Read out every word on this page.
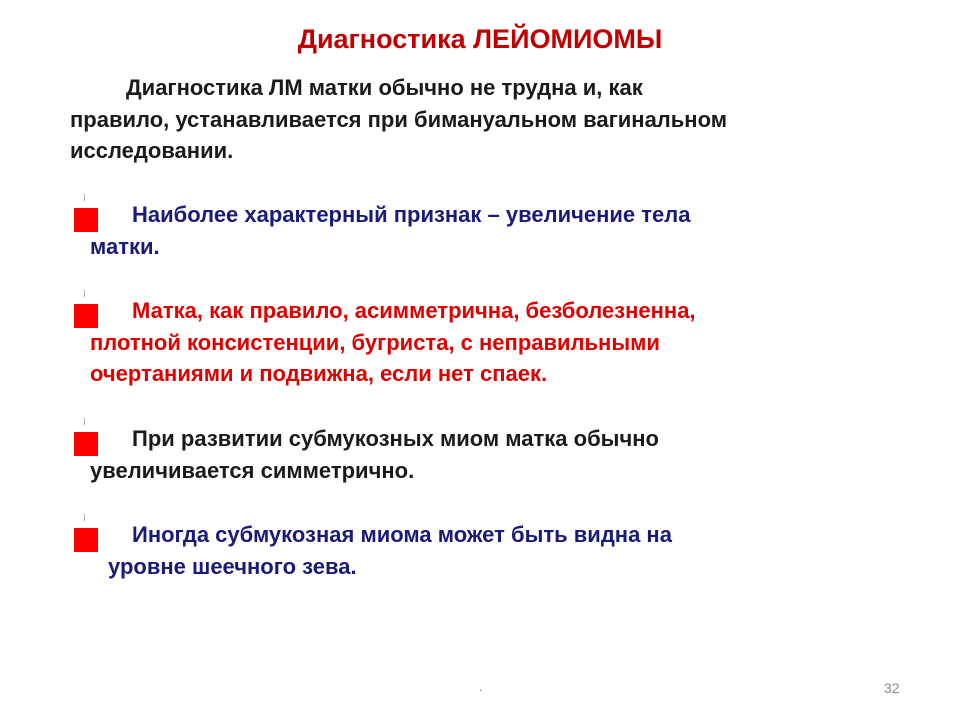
Диагностика ЛЕЙОМИОМЫ
Диагностика ЛМ матки обычно не трудна и, как
правило, устанавливается при бимануальном вагинальном исследовании.
Наиболее характерный признак – увеличение тела
матки.
Матка, как правило, асимметрична, безболезненна,
плотной консистенции, бугриста, с неправильными очертаниями и подвижна, если нет спаек.
При развитии субмукозных миом матка обычно
увеличивается симметрично.
Иногда субмукозная миома может быть видна на
уровне шеечного зева.
.	32
